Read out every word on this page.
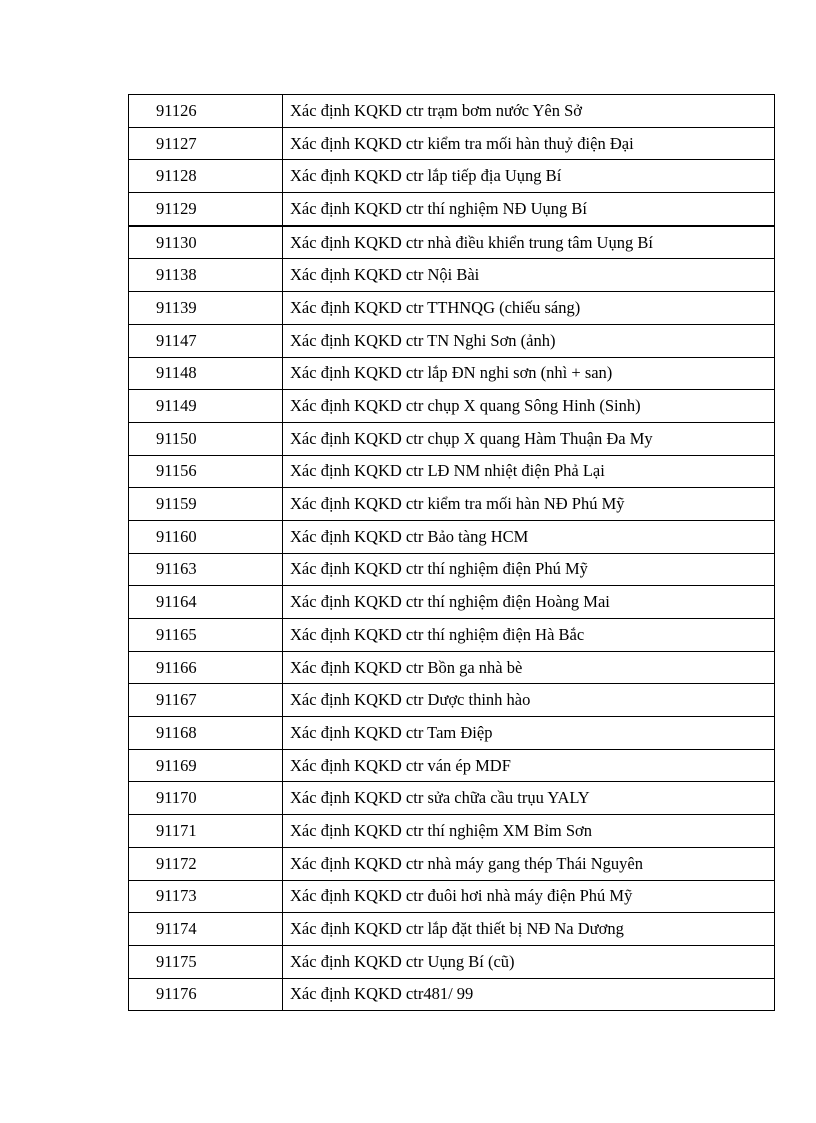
91126	Xác định KQKD ctr trạm bơm nước Yên Sở
91127	Xác định KQKD ctr kiểm tra mối hàn thuỷ điện Đại
91128	Xác định KQKD ctr lắp tiếp địa Uụng Bí
91129	Xác định KQKD ctr thí nghiệm NĐ Uụng Bí
91130	Xác định KQKD ctr nhà điều khiển trung tâm Uụng Bí
91138	Xác định KQKD ctr Nội Bài
91139	Xác định KQKD ctr TTHNQG (chiếu sáng)
91147	Xác định KQKD ctr TN Nghi Sơn (ảnh)
91148	Xác định KQKD ctr lắp ĐN nghi sơn (nhì + san)
91149	Xác định KQKD ctr chụp X quang Sông Hinh (Sinh)
91150	Xác định KQKD ctr chụp X quang Hàm Thuận Đa My
91156	Xác định KQKD ctr LĐ NM nhiệt điện Phả Lại
91159	Xác định KQKD ctr kiểm tra mối hàn NĐ Phú Mỹ
91160	Xác định KQKD ctr Bảo tàng HCM
91163	Xác định KQKD ctr thí nghiệm điện Phú Mỹ
91164	Xác định KQKD ctr thí nghiệm điện Hoàng Mai
91165	Xác định KQKD ctr thí nghiệm điện Hà Bắc
91166	Xác định KQKD ctr Bồn ga nhà bè
91167	Xác định KQKD ctr Dược thinh hào
91168	Xác định KQKD ctr Tam Điệp
91169	Xác định KQKD ctr ván ép MDF
91170	Xác định KQKD ctr sửa chữa cầu trụu YALY
91171	Xác định KQKD ctr thí nghiệm XM Bỉm Sơn
91172	Xác định KQKD ctr nhà máy gang thép Thái Nguyên
91173	Xác định KQKD ctr đuôi hơi nhà máy điện Phú Mỹ
91174	Xác định KQKD ctr lắp đặt thiết bị NĐ Na Dương
91175	Xác định KQKD ctr Uụng Bí (cũ)
91176	Xác định KQKD ctr481/ 99
